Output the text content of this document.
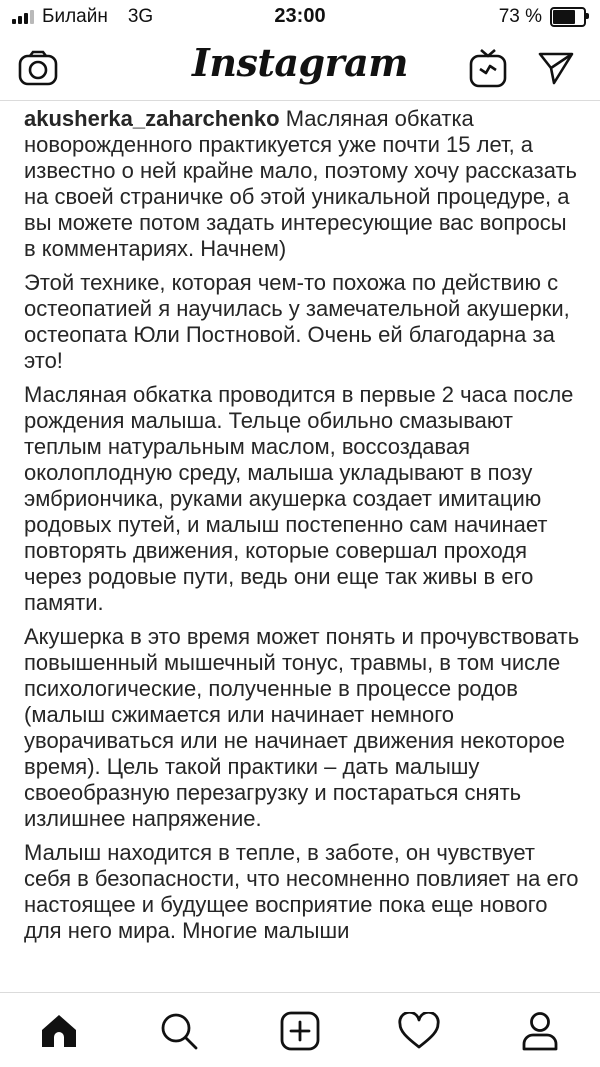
Билайн 3G	23:00	73 %
Instagram

akusherka_zaharchenko Масляная обкатка новорожденного практикуется уже почти 15 лет, а известно о ней крайне мало, поэтому хочу рассказать на своей страничке об этой уникальной процедуре, а вы можете потом задать интересующие вас вопросы в комментариях. Начнем)

Этой технике, которая чем-то похожа по действию с остеопатией я научилась у замечательной акушерки, остеопата Юли Постновой. Очень ей благодарна за это!

Масляная обкатка проводится в первые 2 часа после рождения малыша. Тельце обильно смазывают теплым натуральным маслом, воссоздавая околоплодную среду, малыша укладывают в позу эмбриончика, руками акушерка создает имитацию родовых путей, и малыш постепенно сам начинает повторять движения, которые совершал проходя через родовые пути, ведь они еще так живы в его памяти.

Акушерка в это время может понять и прочувствовать повышенный мышечный тонус, травмы, в том числе психологические, полученные в процессе родов (малыш сжимается или начинает немного уворачиваться или не начинает движения некоторое время). Цель такой практики – дать малышу своеобразную перезагрузку и постараться снять излишнее напряжение.

Малыш находится в тепле, в заботе, он чувствует себя в безопасности, что несомненно повлияет на его настоящее и будущее восприятие пока еще нового для него мира. Многие малыши
